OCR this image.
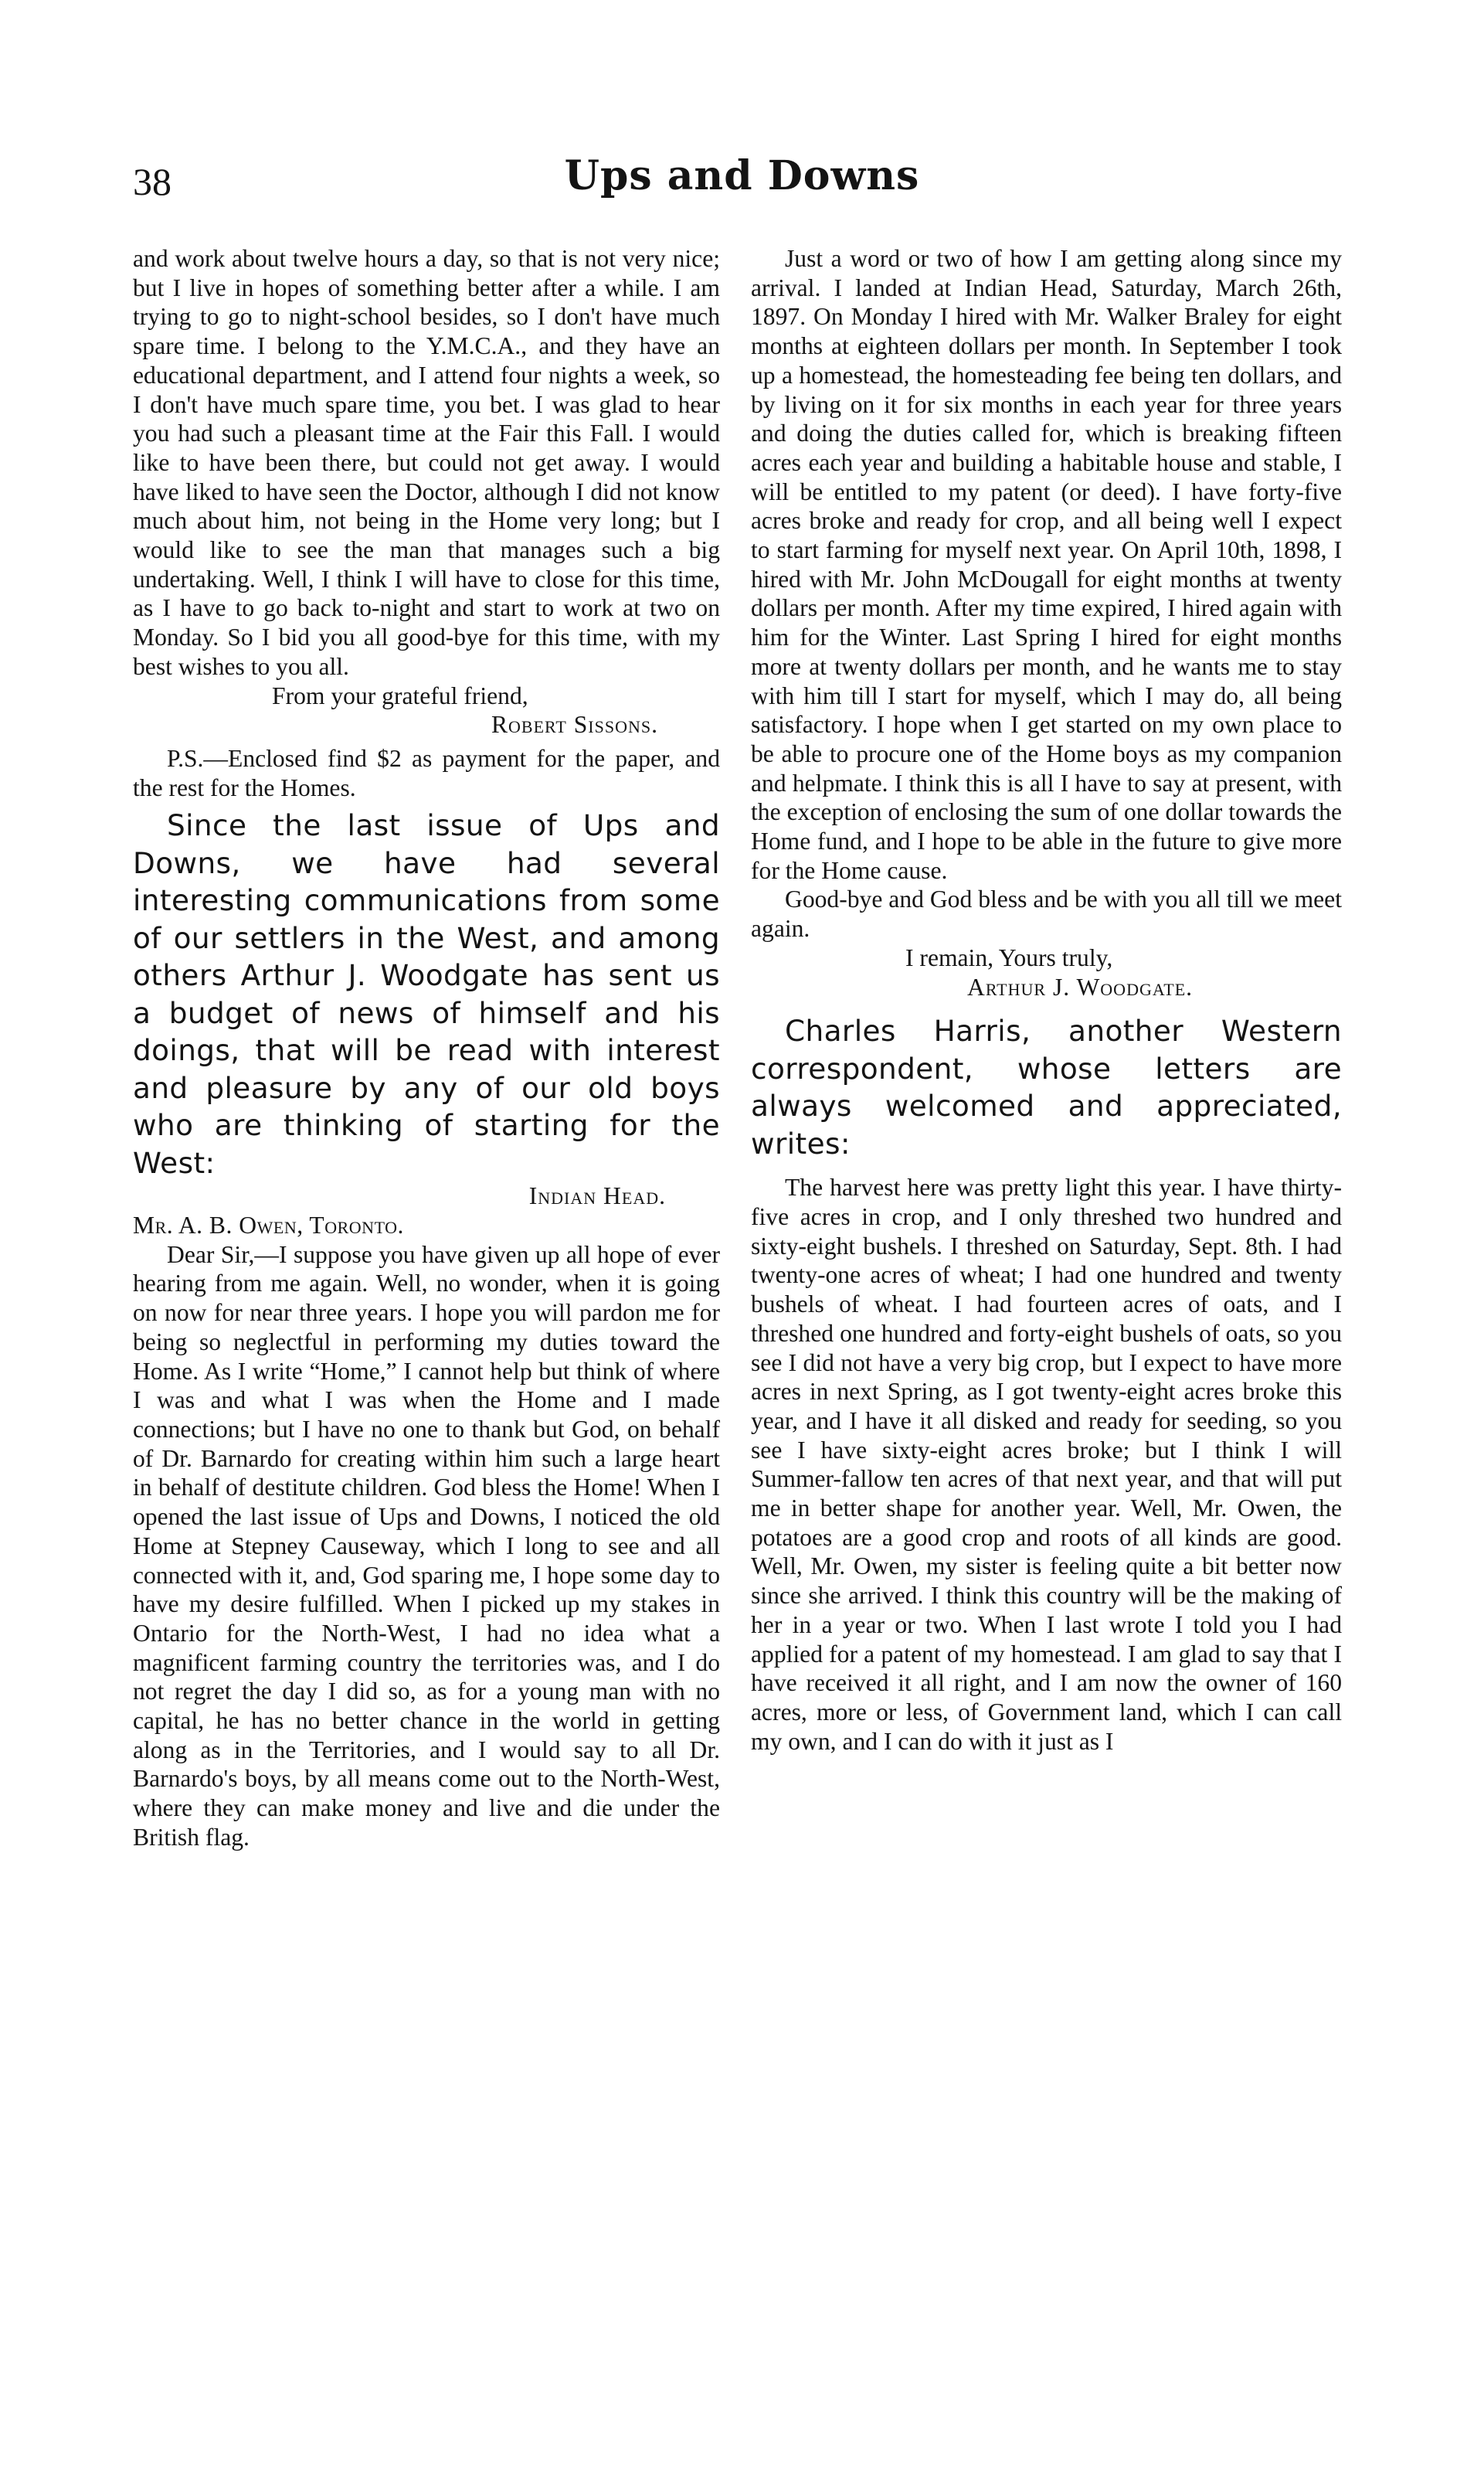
38	Ups and Downs

and work about twelve hours a day, so that is not very nice; but I live in hopes of something better after a while. I am trying to go to night-school besides, so I don't have much spare time. I belong to the Y.M.C.A., and they have an educational department, and I attend four nights a week, so I don't have much spare time, you bet. I was glad to hear you had such a pleasant time at the Fair this Fall. I would like to have been there, but could not get away. I would have liked to have seen the Doctor, although I did not know much about him, not being in the Home very long; but I would like to see the man that manages such a big undertaking. Well, I think I will have to close for this time, as I have to go back to-night and start to work at two on Monday. So I bid you all good-bye for this time, with my best wishes to you all.

From your grateful friend,

Robert Sissons.

P.S.—Enclosed find $2 as payment for the paper, and the rest for the Homes.

Since the last issue of Ups and Downs, we have had several interesting communications from some of our settlers in the West, and among others Arthur J. Woodgate has sent us a budget of news of himself and his doings, that will be read with interest and pleasure by any of our old boys who are thinking of starting for the West:

Indian Head.

Mr. A. B. Owen, Toronto.

Dear Sir,—I suppose you have given up all hope of ever hearing from me again. Well, no wonder, when it is going on now for near three years. I hope you will pardon me for being so neglectful in performing my duties toward the Home. As I write “Home,” I cannot help but think of where I was and what I was when the Home and I made connections; but I have no one to thank but God, on behalf of Dr. Barnardo for creating within him such a large heart in behalf of destitute children. God bless the Home! When I opened the last issue of Ups and Downs, I noticed the old Home at Stepney Causeway, which I long to see and all connected with it, and, God sparing me, I hope some day to have my desire fulfilled. When I picked up my stakes in Ontario for the North-West, I had no idea what a magnificent farming country the territories was, and I do not regret the day I did so, as for a young man with no capital, he has no better chance in the world in getting along as in the Territories, and I would say to all Dr. Barnardo's boys, by all means come out to the North-West, where they can make money and live and die under the British flag.

Just a word or two of how I am getting along since my arrival. I landed at Indian Head, Saturday, March 26th, 1897. On Monday I hired with Mr. Walker Braley for eight months at eighteen dollars per month. In September I took up a homestead, the homesteading fee being ten dollars, and by living on it for six months in each year for three years and doing the duties called for, which is breaking fifteen acres each year and building a habitable house and stable, I will be entitled to my patent (or deed). I have forty-five acres broke and ready for crop, and all being well I expect to start farming for myself next year. On April 10th, 1898, I hired with Mr. John McDougall for eight months at twenty dollars per month. After my time expired, I hired again with him for the Winter. Last Spring I hired for eight months more at twenty dollars per month, and he wants me to stay with him till I start for myself, which I may do, all being satisfactory. I hope when I get started on my own place to be able to procure one of the Home boys as my companion and helpmate. I think this is all I have to say at present, with the exception of enclosing the sum of one dollar towards the Home fund, and I hope to be able in the future to give more for the Home cause.

Good-bye and God bless and be with you all till we meet again.

I remain, Yours truly,

Arthur J. Woodgate.

Charles Harris, another Western correspondent, whose letters are always welcomed and appreciated, writes:

The harvest here was pretty light this year. I have thirty-five acres in crop, and I only threshed two hundred and sixty-eight bushels. I threshed on Saturday, Sept. 8th. I had twenty-one acres of wheat; I had one hundred and twenty bushels of wheat. I had fourteen acres of oats, and I threshed one hundred and forty-eight bushels of oats, so you see I did not have a very big crop, but I expect to have more acres in next Spring, as I got twenty-eight acres broke this year, and I have it all disked and ready for seeding, so you see I have sixty-eight acres broke; but I think I will Summer-fallow ten acres of that next year, and that will put me in better shape for another year. Well, Mr. Owen, the potatoes are a good crop and roots of all kinds are good. Well, Mr. Owen, my sister is feeling quite a bit better now since she arrived. I think this country will be the making of her in a year or two. When I last wrote I told you I had applied for a patent of my homestead. I am glad to say that I have received it all right, and I am now the owner of 160 acres, more or less, of Government land, which I can call my own, and I can do with it just as I
